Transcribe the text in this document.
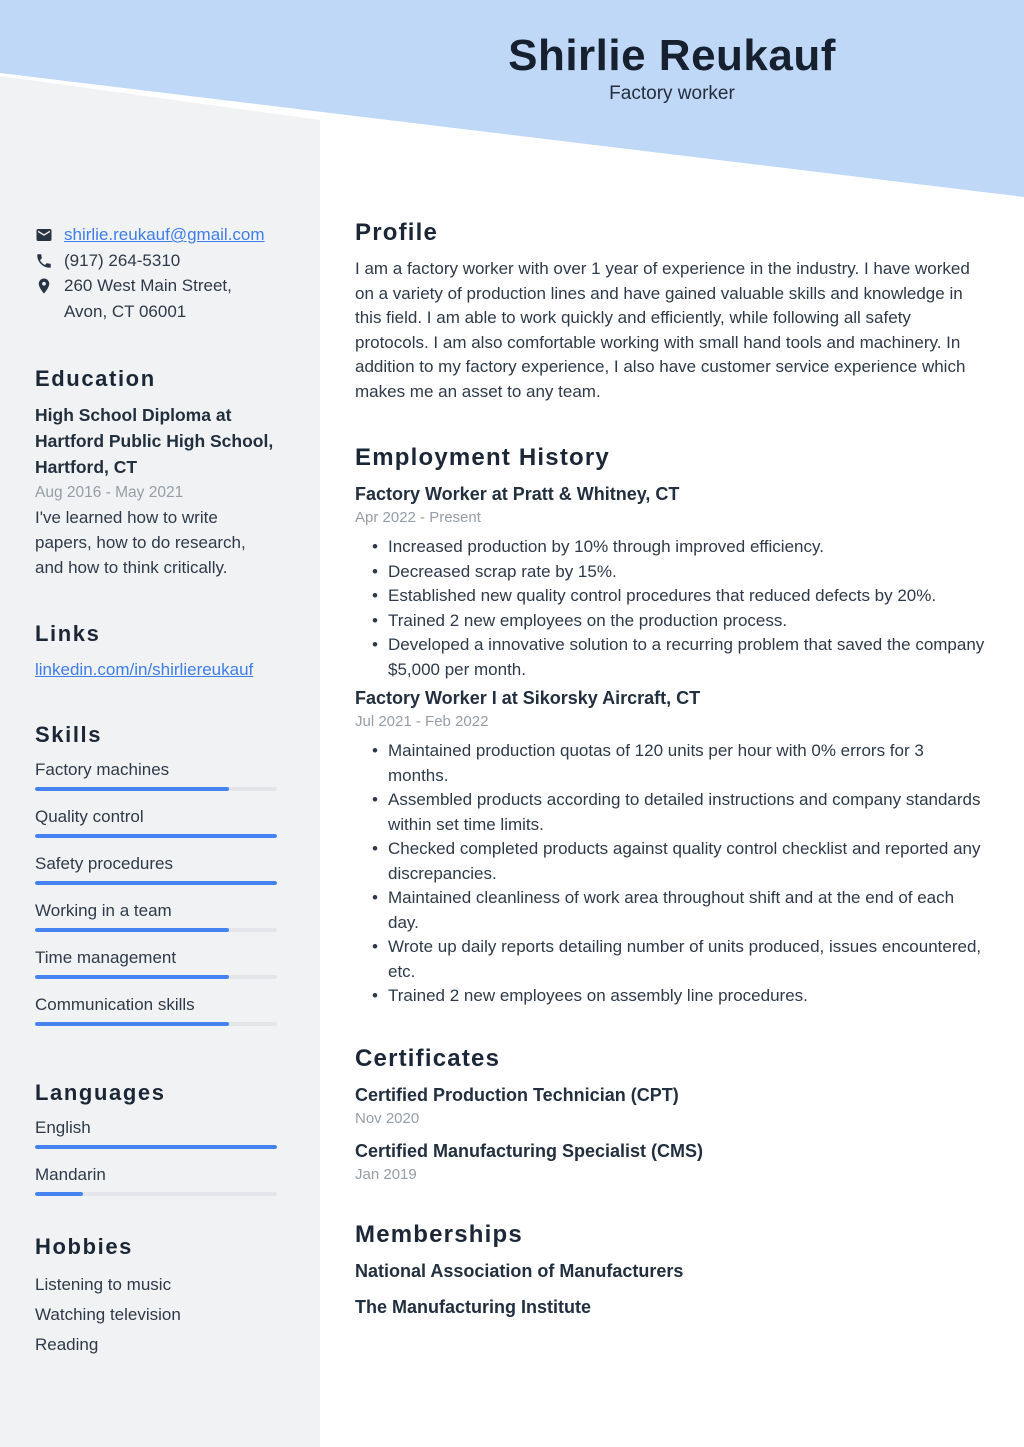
Shirlie Reukauf
Factory worker
shirlie.reukauf@gmail.com
(917) 264-5310
260 West Main Street, Avon, CT 06001
Education
High School Diploma at Hartford Public High School, Hartford, CT
Aug 2016 - May 2021
I've learned how to write papers, how to do research, and how to think critically.
Links
linkedin.com/in/shirliereukauf
Skills
Factory machines
Quality control
Safety procedures
Working in a team
Time management
Communication skills
Languages
English
Mandarin
Hobbies
Listening to music
Watching television
Reading
Profile

I am a factory worker with over 1 year of experience in the industry. I have worked on a variety of production lines and have gained valuable skills and knowledge in this field. I am able to work quickly and efficiently, while following all safety protocols. I am also comfortable working with small hand tools and machinery. In addition to my factory experience, I also have customer service experience which makes me an asset to any team.

Employment History
Factory Worker at Pratt & Whitney, CT
Apr 2022 - Present
• Increased production by 10% through improved efficiency.
• Decreased scrap rate by 15%.
• Established new quality control procedures that reduced defects by 20%.
• Trained 2 new employees on the production process.
• Developed a innovative solution to a recurring problem that saved the company $5,000 per month.
Factory Worker I at Sikorsky Aircraft, CT
Jul 2021 - Feb 2022
• Maintained production quotas of 120 units per hour with 0% errors for 3 months.
• Assembled products according to detailed instructions and company standards within set time limits.
• Checked completed products against quality control checklist and reported any discrepancies.
• Maintained cleanliness of work area throughout shift and at the end of each day.
• Wrote up daily reports detailing number of units produced, issues encountered, etc.
• Trained 2 new employees on assembly line procedures.
Certificates
Certified Production Technician (CPT)
Nov 2020
Certified Manufacturing Specialist (CMS)
Jan 2019
Memberships
National Association of Manufacturers
The Manufacturing Institute
